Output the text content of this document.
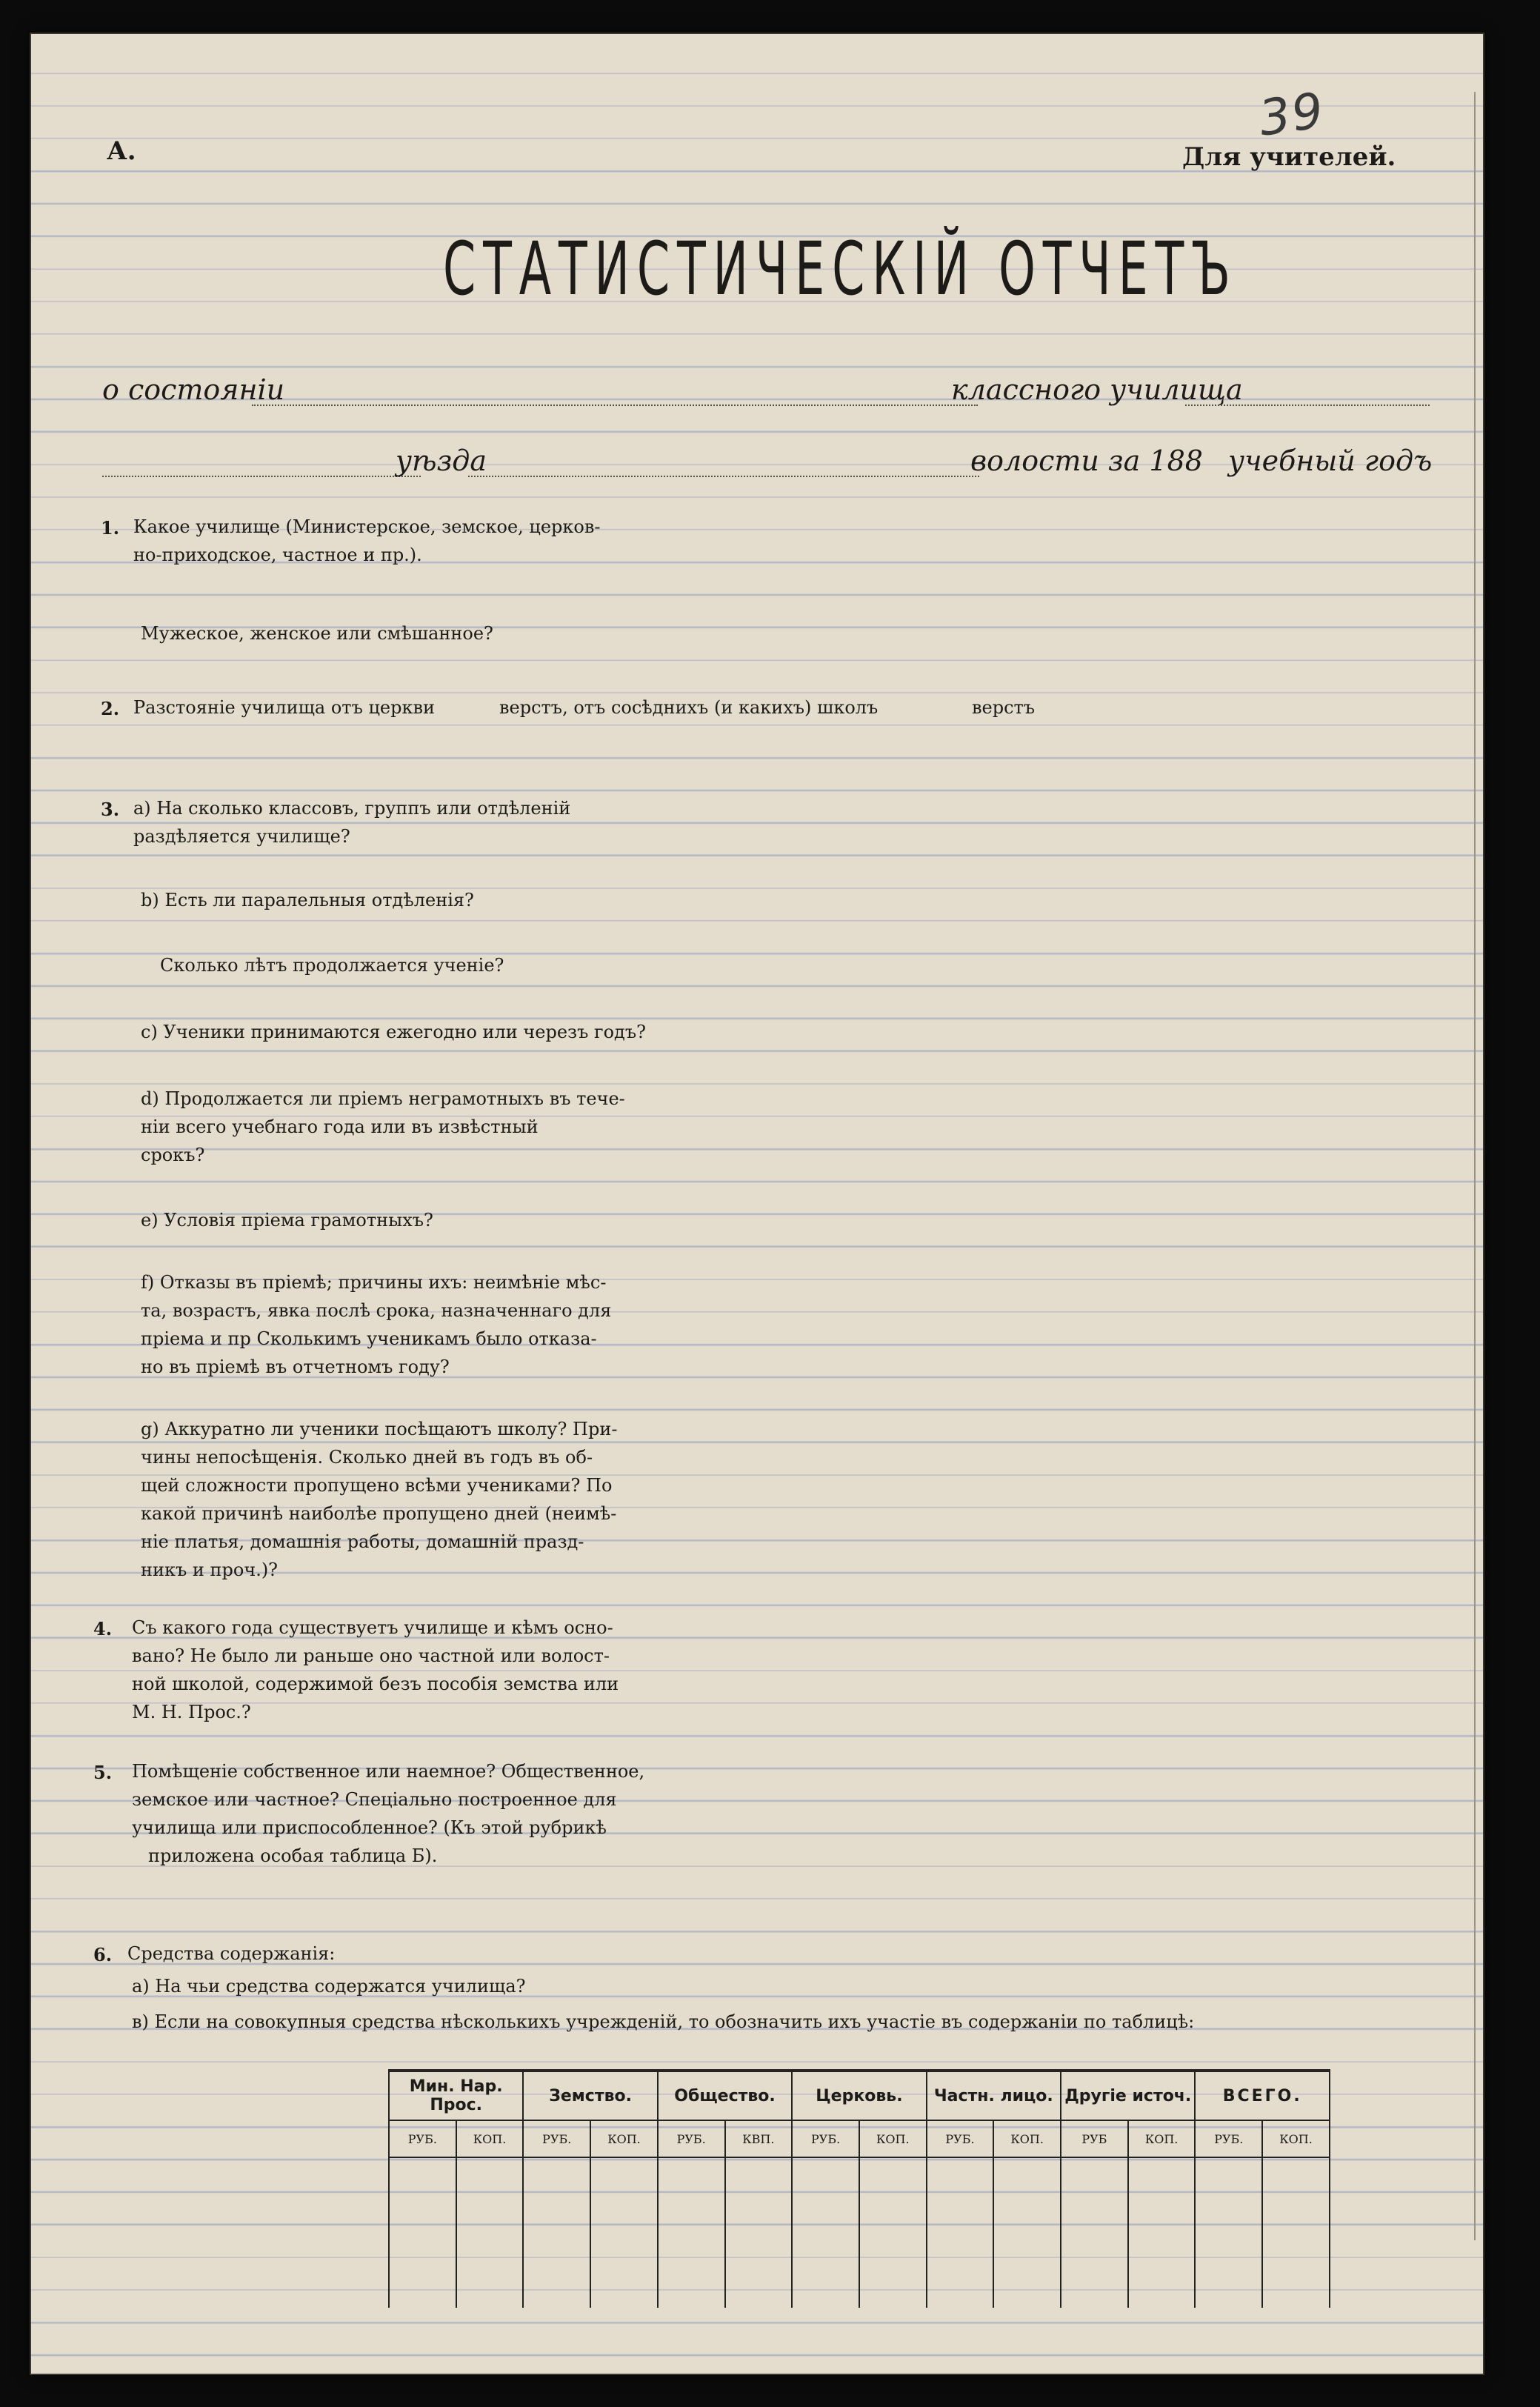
А.	Для учителей.
39
СТАТИСТИЧЕСКІЙ ОТЧЕТЪ
о состояніи	классного училища
уѣзда	волости за 188 учебный годъ
1. Какое училище (Министерское, земское, церков-
но-приходское, частное и пр.).
Мужеское, женское или смѣшанное?
2. Разстояніе училища отъ церкви	верстъ, отъ сосѣднихъ (и какихъ) школъ	верстъ
3. а) На сколько классовъ, группъ или отдѣленій
раздѣляется училище?
b) Есть ли паралельныя отдѣленія?
Сколько лѣтъ продолжается ученіе?
c) Ученики принимаются ежегодно или черезъ годъ?
d) Продолжается ли пріемъ неграмотныхъ въ тече-
ніи всего учебнаго года или въ извѣстный
срокъ?
e) Условія пріема грамотныхъ?
f) Отказы въ пріемѣ; причины ихъ: неимѣніе мѣс-
та, возрастъ, явка послѣ срока, назначеннаго для
пріема и пр Сколькимъ ученикамъ было отказа-
но въ пріемѣ въ отчетномъ году?
g) Аккуратно ли ученики посѣщаютъ школу? При-
чины непосѣщенія. Сколько дней въ годъ въ об-
щей сложности пропущено всѣми учениками? По
какой причинѣ наиболѣе пропущено дней (неимѣ-
ніе платья, домашнія работы, домашній празд-
никъ и проч.)?
4. Съ какого года существуетъ училище и кѣмъ осно-
вано? Не было ли раньше оно частной или волост-
ной школой, содержимой безъ пособія земства или
М. Н. Прос.?
5. Помѣщеніе собственное или наемное? Общественное,
земское или частное? Спеціально построенное для
училища или приспособленное? (Къ этой рубрикѣ
приложена особая таблица Б).
6. Средства содержанія:
а) На чьи средства содержатся училища?
в) Если на совокупныя средства нѣсколькихъ учрежденій, то обозначить ихъ участіе въ содержаніи по таблицѣ:
Мин. Нар. Прос.		Земство.		Общество.		Церковь.		Частн. лицо.		Другіе источ.		ВСЕГО.	
РУБ.	КОП.	РУБ.	КОП.	РУБ.	КВП.	РУБ.	КОП.	РУБ.	КОП.	РУБ	КОП.	РУБ.	КОП.
